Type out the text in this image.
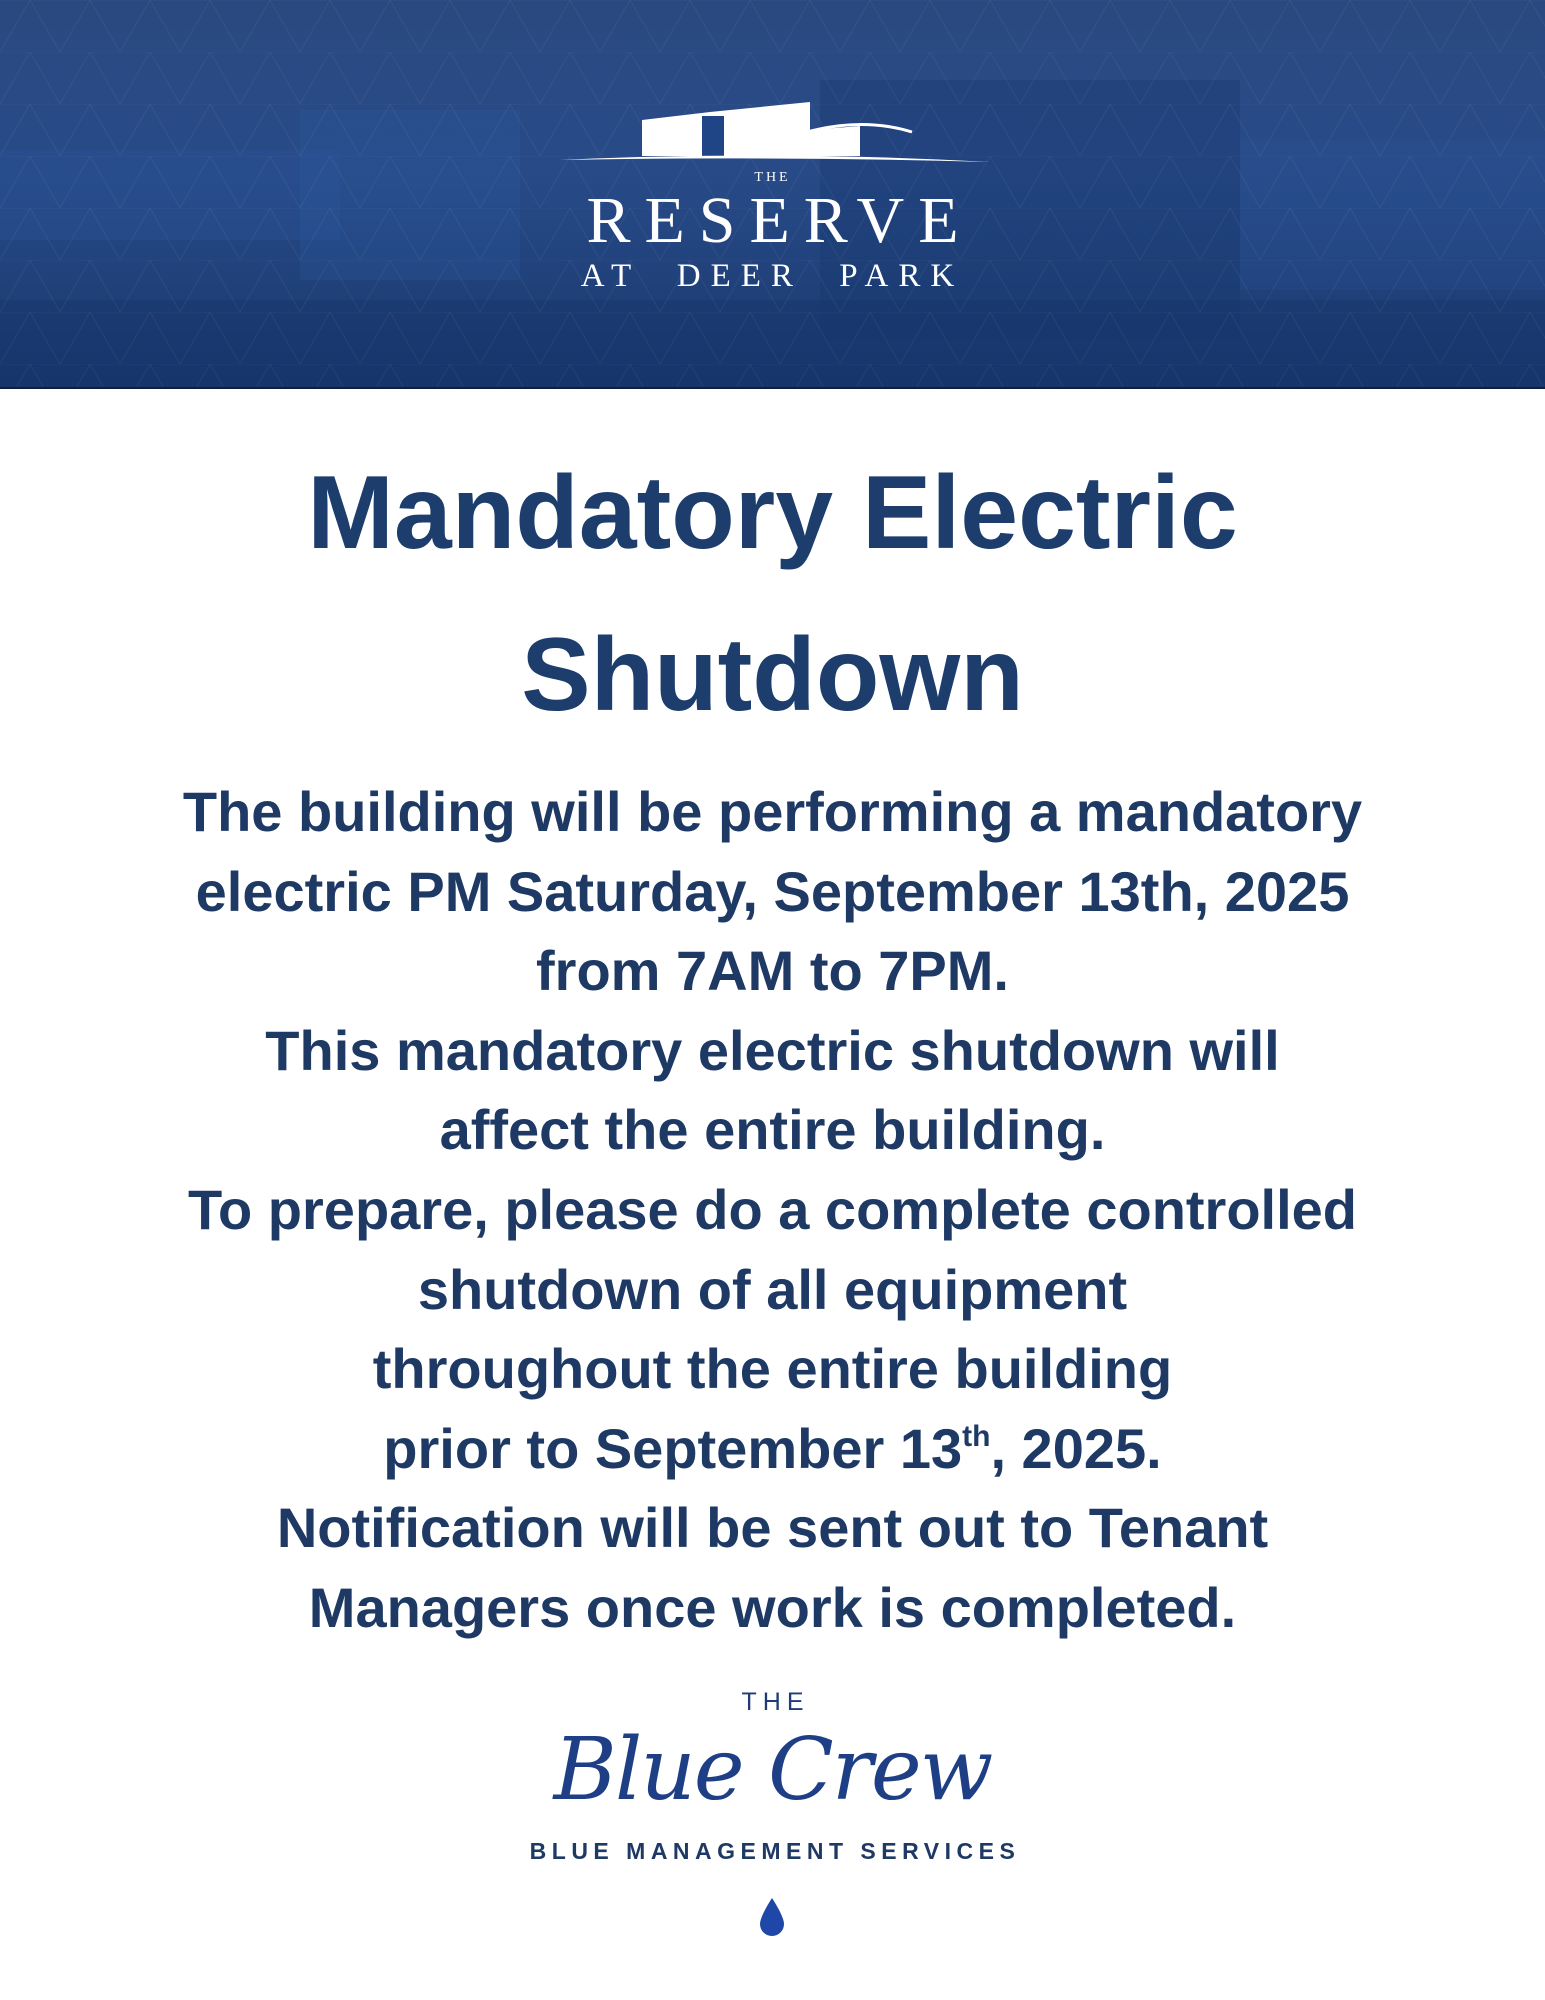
THE
RESERVE
AT DEER PARK
Mandatory Electric
Shutdown
The building will be performing a mandatory
electric PM Saturday, September 13th, 2025
from 7AM to 7PM.
This mandatory electric shutdown will
affect the entire building.
To prepare, please do a complete controlled
shutdown of all equipment
throughout the entire building
prior to September 13th, 2025.
Notification will be sent out to Tenant
Managers once work is completed.
THE
Blue Crew
BLUE MANAGEMENT SERVICES
